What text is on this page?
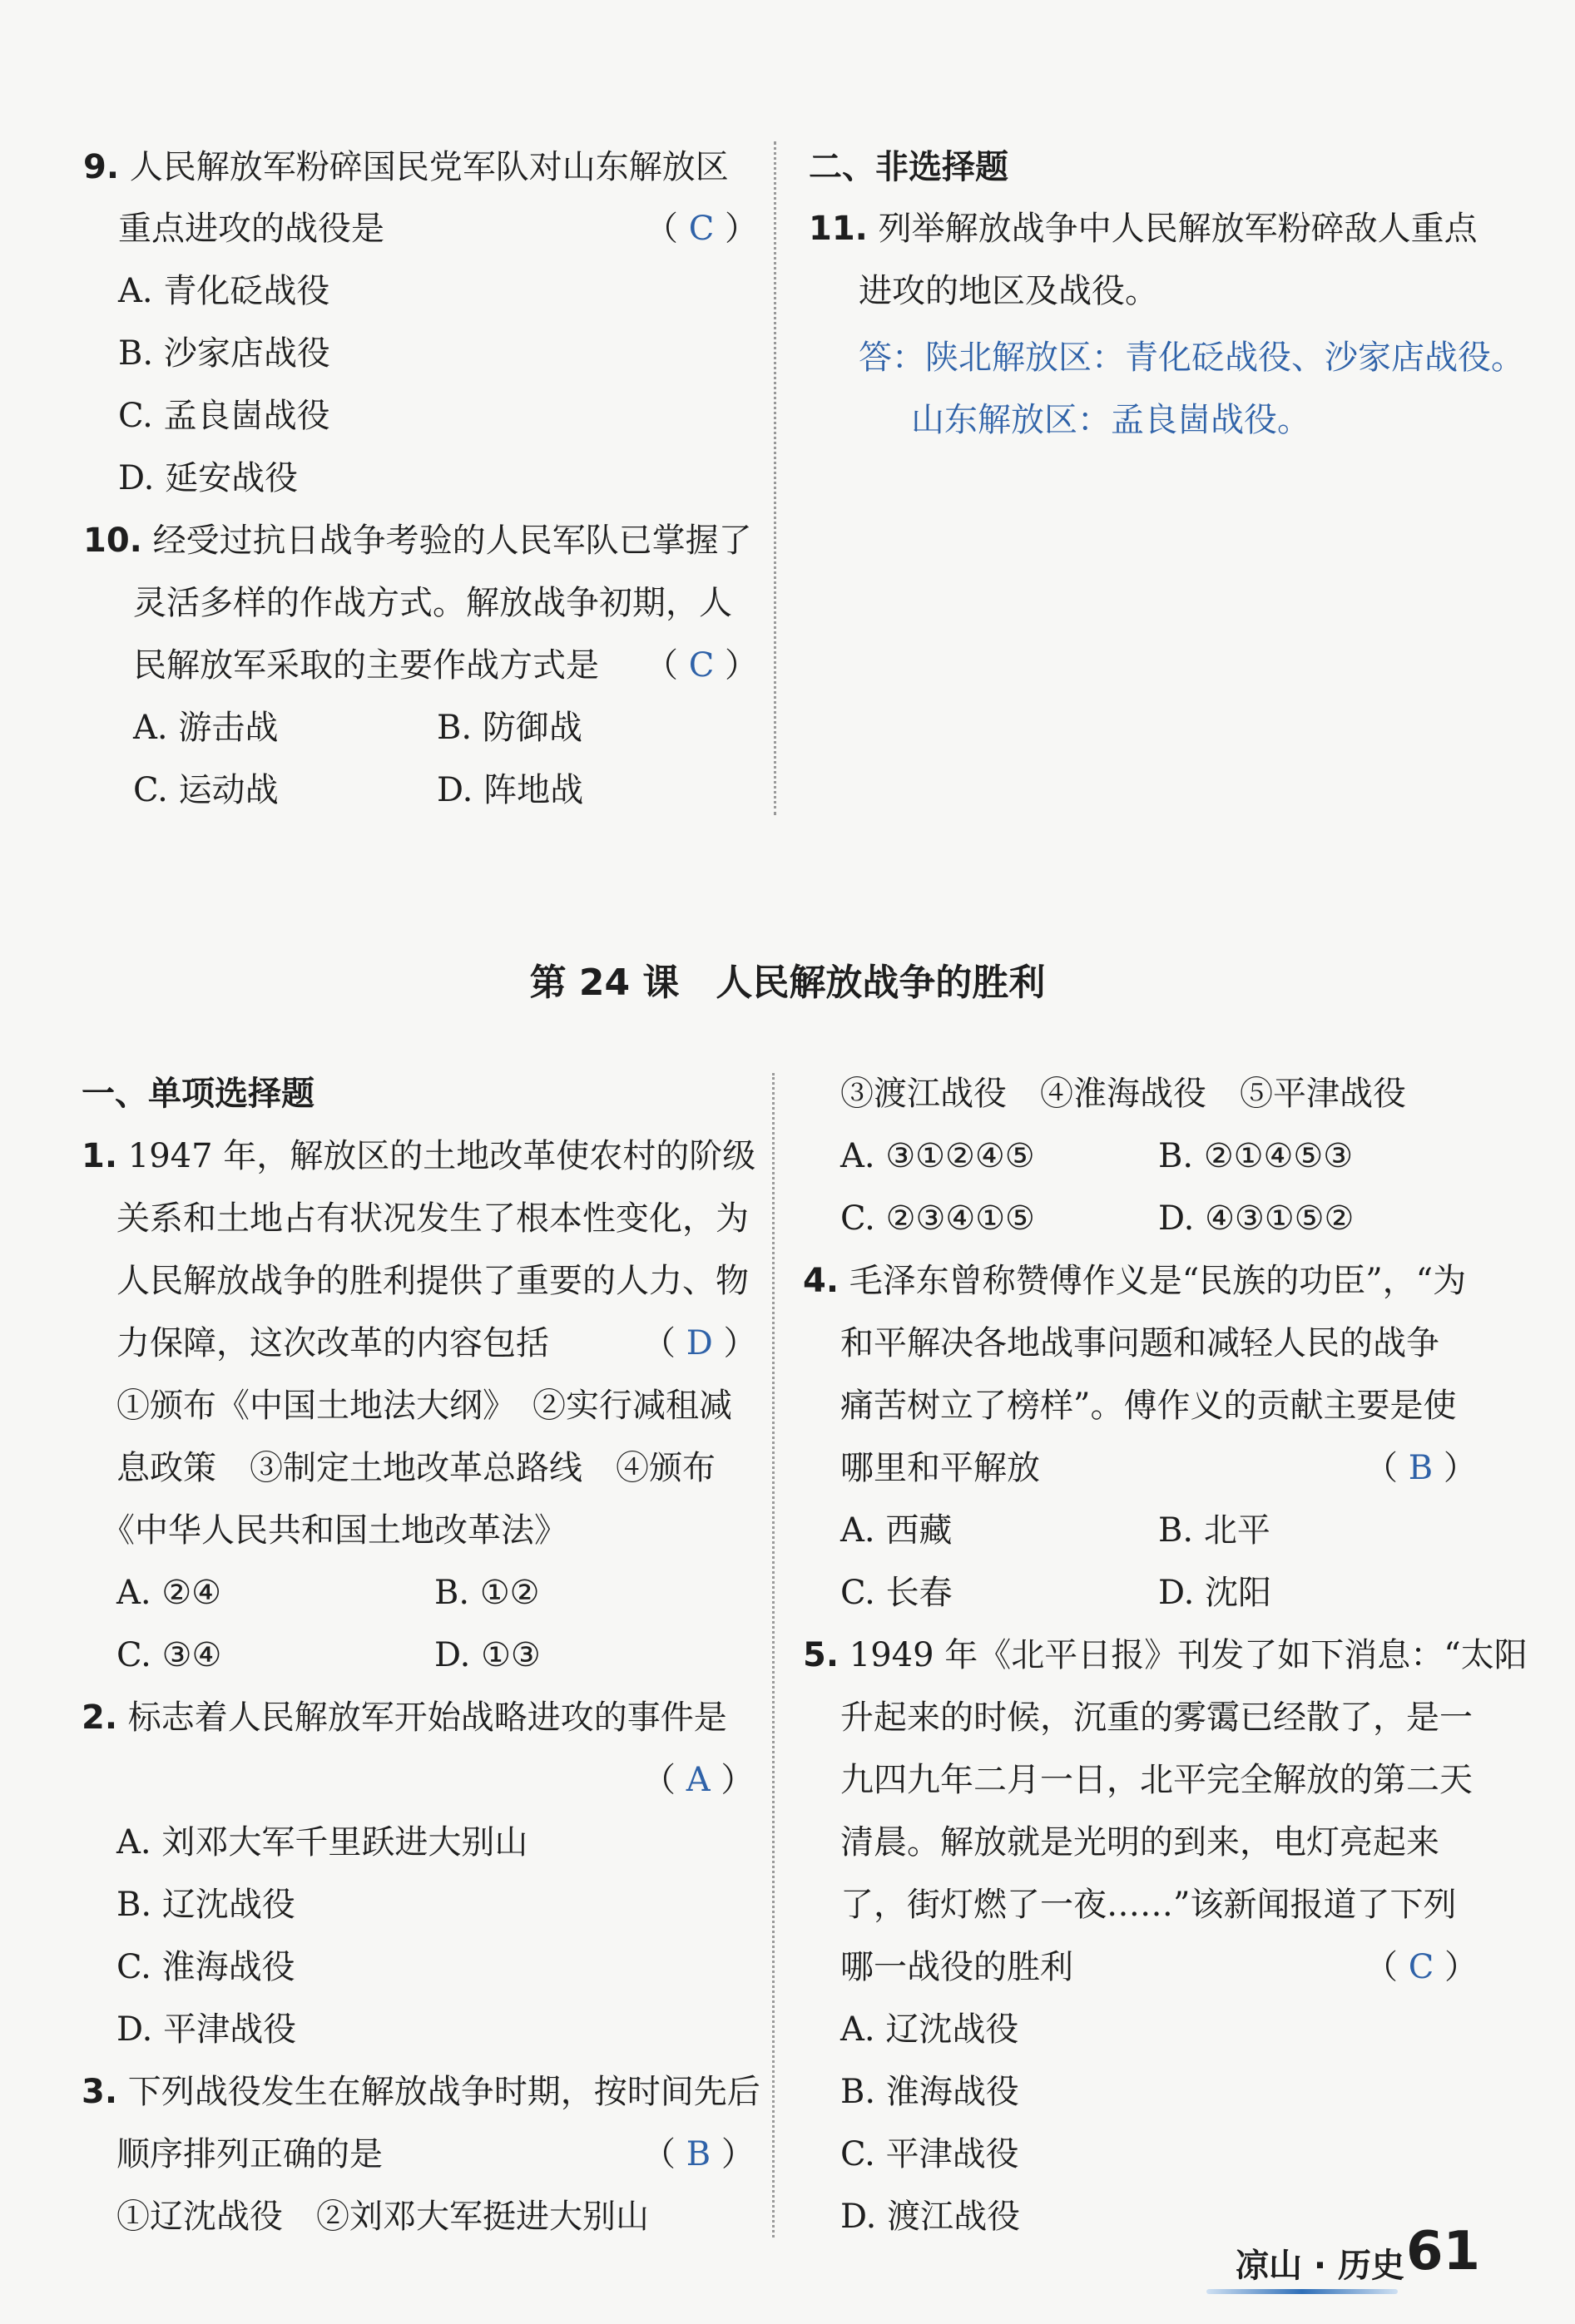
9. 人民解放军粉碎国民党军队对山东解放区
重点进攻的战役是	（ C ）
A. 青化砭战役
B. 沙家店战役
C. 孟良崮战役
D. 延安战役
10. 经受过抗日战争考验的人民军队已掌握了
灵活多样的作战方式。解放战争初期，人
民解放军采取的主要作战方式是 （ C ）
A. 游击战	B. 防御战
C. 运动战	D. 阵地战
二、非选择题
11. 列举解放战争中人民解放军粉碎敌人重点
进攻的地区及战役。
答：陕北解放区：青化砭战役、沙家店战役。
山东解放区：孟良崮战役。
第 24 课　人民解放战争的胜利
一、单项选择题
1. 1947 年，解放区的土地改革使农村的阶级
关系和土地占有状况发生了根本性变化，为
人民解放战争的胜利提供了重要的人力、物
力保障，这次改革的内容包括	（ D ）
①颁布《中国土地法大纲》　②实行减租减
息政策　③制定土地改革总路线　④颁布
《中华人民共和国土地改革法》
A. ②④	B. ①②
C. ③④	D. ①③
2. 标志着人民解放军开始战略进攻的事件是
（ A ）
A. 刘邓大军千里跃进大别山
B. 辽沈战役
C. 淮海战役
D. 平津战役
3. 下列战役发生在解放战争时期，按时间先后
顺序排列正确的是	（ B ）
①辽沈战役　②刘邓大军挺进大别山
③渡江战役　④淮海战役　⑤平津战役
A. ③①②④⑤	B. ②①④⑤③
C. ②③④①⑤	D. ④③①⑤②
4. 毛泽东曾称赞傅作义是“民族的功臣”，“为
和平解决各地战事问题和减轻人民的战争
痛苦树立了榜样”。傅作义的贡献主要是使
哪里和平解放	（ B ）
A. 西藏	B. 北平
C. 长春	D. 沈阳
5. 1949 年《北平日报》刊发了如下消息：“太阳
升起来的时候，沉重的雾霭已经散了，是一
九四九年二月一日，北平完全解放的第二天
清晨。解放就是光明的到来，电灯亮起来
了，街灯燃了一夜……”该新闻报道了下列
哪一战役的胜利	（ C ）
A. 辽沈战役
B. 淮海战役
C. 平津战役
D. 渡江战役
凉山 · 历史 61
